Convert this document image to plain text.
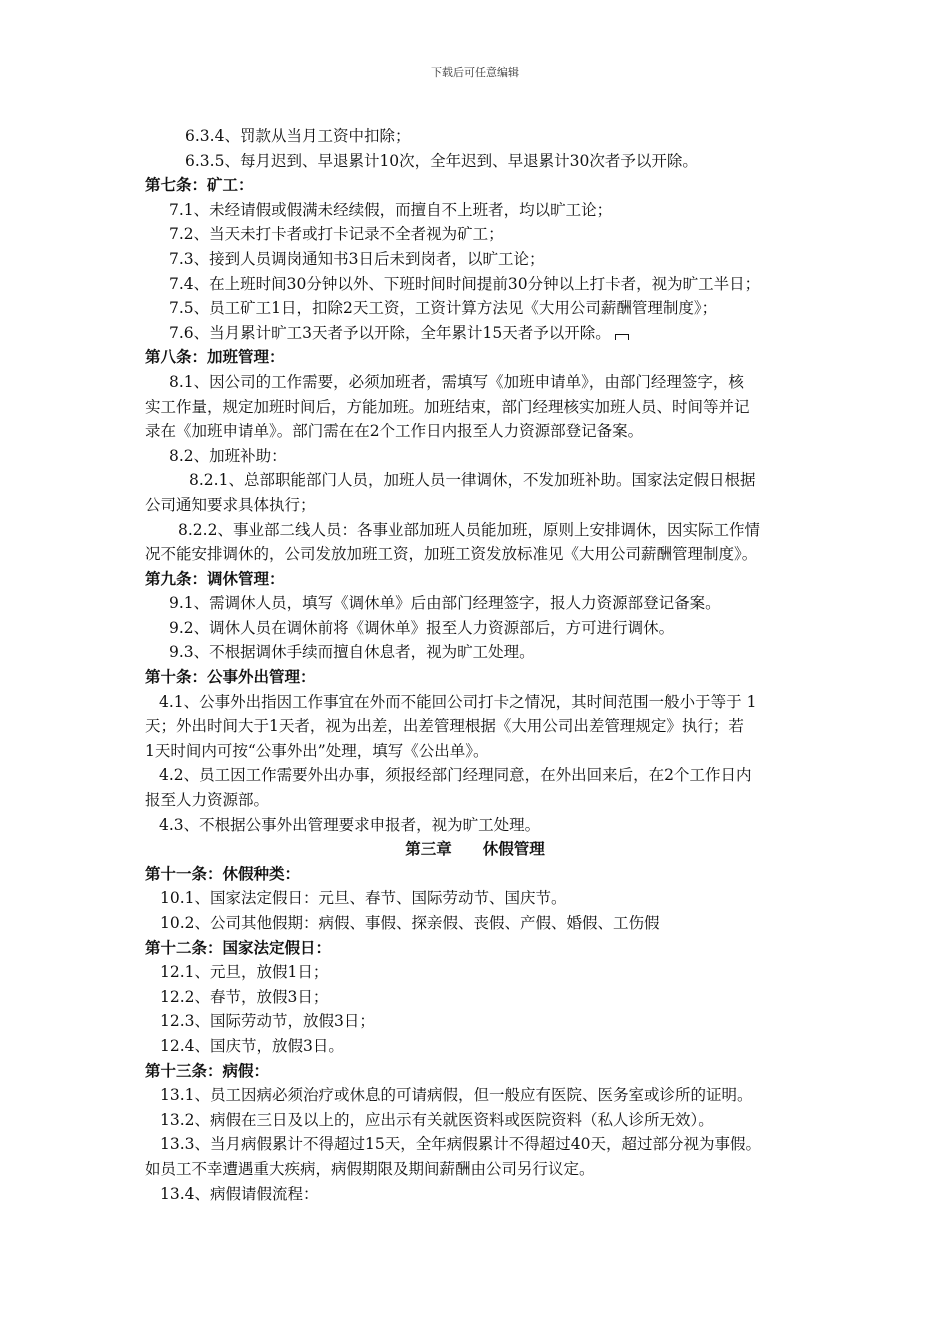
下载后可任意编辑

6.3.4、罚款从当月工资中扣除；

6.3.5、每月迟到、早退累计10次，全年迟到、早退累计30次者予以开除。

第七条：矿工：

7.1、未经请假或假满未经续假，而擅自不上班者，均以旷工论；

7.2、当天未打卡者或打卡记录不全者视为矿工；

7.3、接到人员调岗通知书3日后未到岗者，以旷工论；

7.4、在上班时间30分钟以外、下班时间时间提前30分钟以上打卡者，视为旷工半日；

7.5、员工矿工1日，扣除2天工资，工资计算方法见《大用公司薪酬管理制度》；

7.6、当月累计旷工3天者予以开除，全年累计15天者予以开除。

第八条：加班管理：

8.1、因公司的工作需要，必须加班者，需填写《加班申请单》，由部门经理签字，核

实工作量，规定加班时间后，方能加班。加班结束，部门经理核实加班人员、时间等并记

录在《加班申请单》。部门需在在2个工作日内报至人力资源部登记备案。

8.2、加班补助：

8.2.1、总部职能部门人员，加班人员一律调休，不发加班补助。国家法定假日根据

公司通知要求具体执行；

8.2.2、事业部二线人员：各事业部加班人员能加班，原则上安排调休，因实际工作情

况不能安排调休的，公司发放加班工资，加班工资发放标准见《大用公司薪酬管理制度》。

第九条：调休管理：

9.1、需调休人员，填写《调休单》后由部门经理签字，报人力资源部登记备案。

9.2、调休人员在调休前将《调休单》报至人力资源部后，方可进行调休。

9.3、不根据调休手续而擅自休息者，视为旷工处理。

第十条：公事外出管理：

4.1、公事外出指因工作事宜在外而不能回公司打卡之情况，其时间范围一般小于等于 1

天；外出时间大于1天者，视为出差，出差管理根据《大用公司出差管理规定》执行；若

1天时间内可按“公事外出”处理，填写《公出单》。

4.2、员工因工作需要外出办事，须报经部门经理同意，在外出回来后，在2个工作日内

报至人力资源部。

4.3、不根据公事外出管理要求申报者，视为旷工处理。

第三章　　休假管理

第十一条：休假种类：

10.1、国家法定假日：元旦、春节、国际劳动节、国庆节。

10.2、公司其他假期：病假、事假、探亲假、丧假、产假、婚假、工伤假

第十二条：国家法定假日：

12.1、元旦，放假1日；

12.2、春节，放假3日；

12.3、国际劳动节，放假3日；

12.4、国庆节，放假3日。

第十三条：病假：

13.1、员工因病必须治疗或休息的可请病假，但一般应有医院、医务室或诊所的证明。

13.2、病假在三日及以上的，应出示有关就医资料或医院资料（私人诊所无效）。

13.3、当月病假累计不得超过15天，全年病假累计不得超过40天，超过部分视为事假。

如员工不幸遭遇重大疾病，病假期限及期间薪酬由公司另行议定。

13.4、病假请假流程：
